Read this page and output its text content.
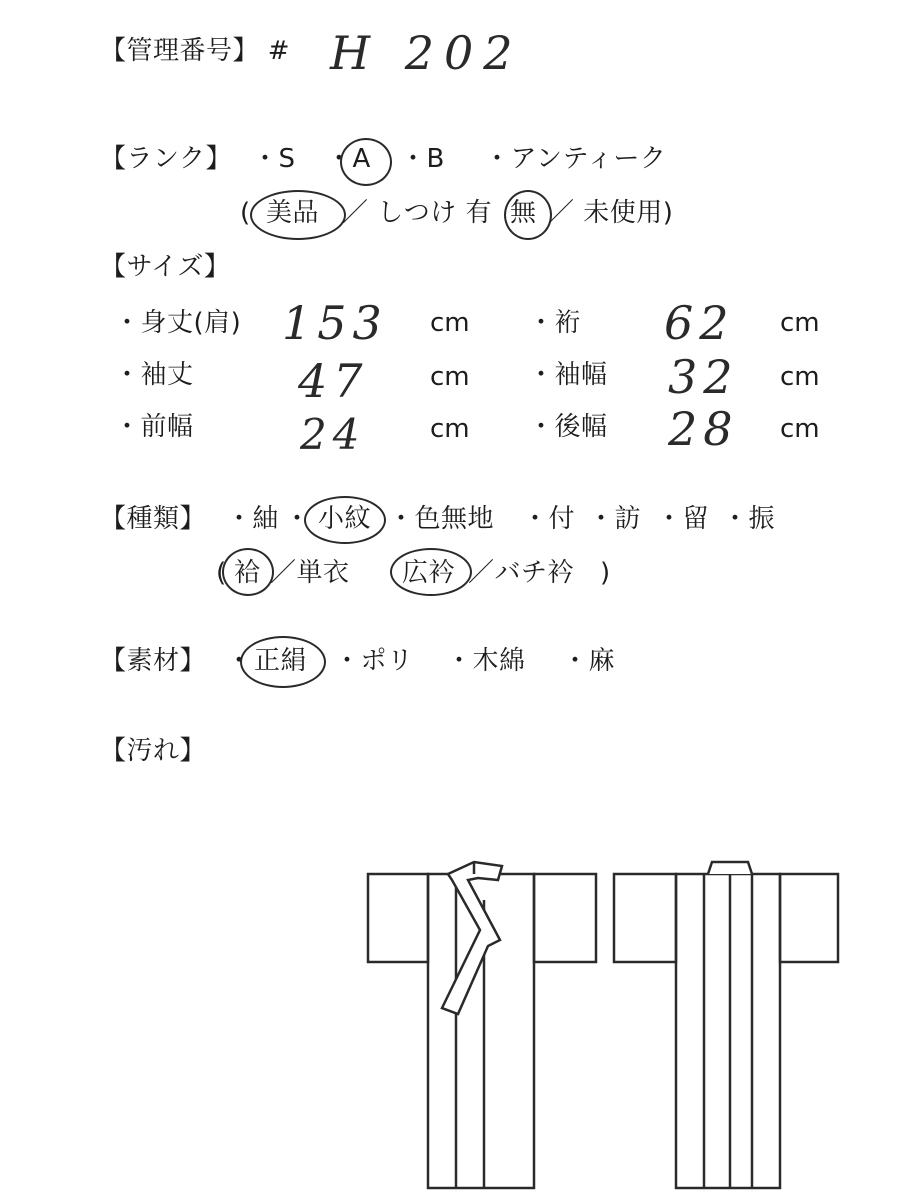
【管理番号】 # H 202
【ランク】 ・S ・A ・B ・アンティーク
( 美品 ／ しつけ 有 無 ／ 未使用)
【サイズ】
・身丈(肩) 153 cm ・裄 62 cm
・袖丈 47 cm ・袖幅 32 cm
・前幅	24 cm ・後幅 28 cm
【種類】 ・紬 ・ 小紋 ・色無地 ・付 ・訪 ・留 ・振
( 袷 ／単衣 広衿 ／バチ衿 )
【素材】 ・ 正絹 ・ポリ ・木綿 ・麻
【汚れ】
